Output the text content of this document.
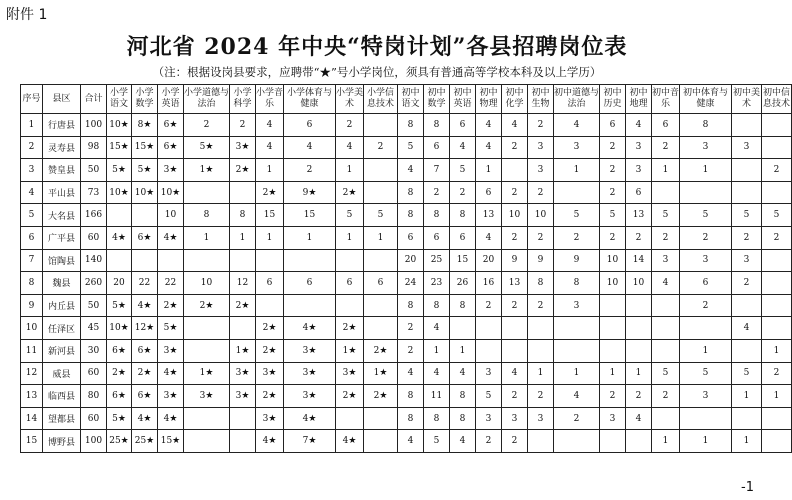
附件 1
河北省 2024 年中央“特岗计划”各县招聘岗位表
（注：根据设岗县要求，应聘带“★”号小学岗位，须具有普通高等学校本科及以上学历）
序号	县区	合计	小学语文	小学数学	小学英语	小学道德与法治	小学科学	小学音乐	小学体育与健康	小学美术	小学信息技术	初中语文	初中数学	初中英语	初中物理	初中化学	初中生物	初中道德与法治	初中历史	初中地理	初中音乐	初中体育与健康	初中美术	初中信息技术
1	行唐县	100	10★	8★	6★	2	2	4	6	2		8	8	6	4	4	2	4	6	4	6	8		
2	灵寿县	98	15★	15★	6★	5★	3★	4	4	4	2	5	6	4	4	2	3	3	2	3	2	3	3	
3	赞皇县	50	5★	5★	3★	1★	2★	1	2	1		4	7	5	1		3	1	2	3	1	1		2
4	平山县	73	10★	10★	10★			2★	9★	2★		8	2	2	6	2	2		2	6				
5	大名县	166			10	8	8	15	15	5	5	8	8	8	13	10	10	5	5	13	5	5	5	5
6	广平县	60	4★	6★	4★	1	1	1	1	1	1	6	6	6	4	2	2	2	2	2	2	2	2	2
7	馆陶县	140										20	25	15	20	9	9	9	10	14	3	3	3	
8	魏县	260	20	22	22	10	12	6	6	6	6	24	23	26	16	13	8	8	10	10	4	6	2	
9	内丘县	50	5★	4★	2★	2★	2★					8	8	8	2	2	2	3				2		
10	任泽区	45	10★	12★	5★			2★	4★	2★		2	4										4	
11	新河县	30	6★	6★	3★		1★	2★	3★	1★	2★	2	1	1								1		1
12	威县	60	2★	2★	4★	1★	3★	3★	3★	3★	1★	4	4	4	3	4	1	1	1	1	5	5	5	2
13	临西县	80	6★	6★	3★	3★	3★	2★	3★	2★	2★	8	11	8	5	2	2	4	2	2	2	3	1	1
14	望都县	60	5★	4★	4★			3★	4★			8	8	8	3	3	3	2	3	4				
15	博野县	100	25★	25★	15★			4★	7★	4★		4	5	4	2	2					1	1	1	
-1
